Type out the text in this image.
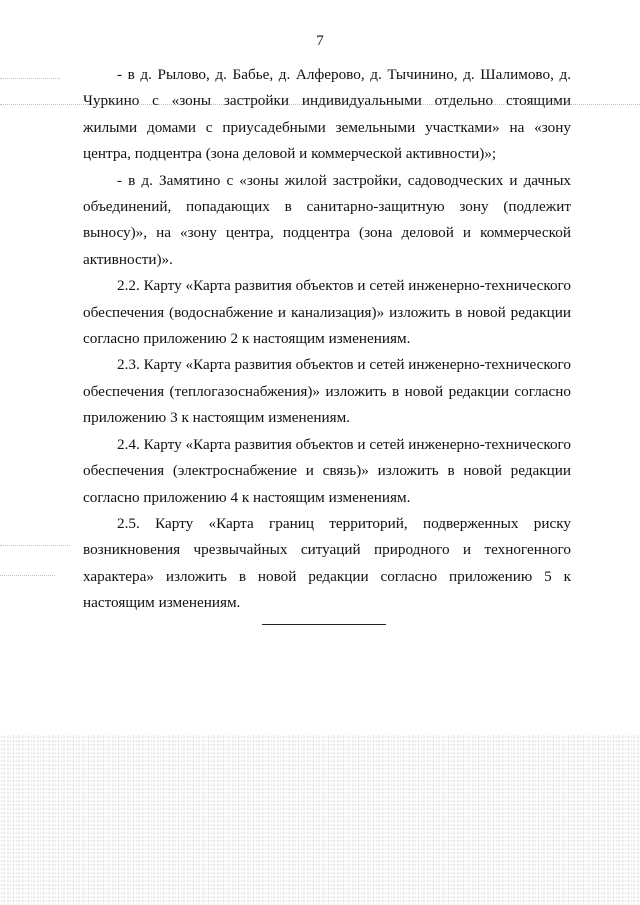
7

- в д. Рылово, д. Бабье, д. Алферово, д. Тычинино, д. Шалимово, д. Чуркино с «зоны застройки индивидуальными отдельно стоящими жилыми домами с приусадебными земельными участками» на «зону центра, подцентра (зона деловой и коммерческой активности)»;

- в д. Замятино с «зоны жилой застройки, садоводческих и дачных объединений, попадающих в санитарно-защитную зону (подлежит выносу)», на «зону центра, подцентра (зона деловой и коммерческой активности)».

2.2. Карту «Карта развития объектов и сетей инженерно-технического обеспечения (водоснабжение и канализация)» изложить в новой редакции согласно приложению 2 к настоящим изменениям.

2.3. Карту «Карта развития объектов и сетей инженерно-технического обеспечения (теплогазоснабжения)» изложить в новой редакции согласно приложению 3 к настоящим изменениям.

2.4. Карту «Карта развития объектов и сетей инженерно-технического обеспечения (электроснабжение и связь)» изложить в новой редакции согласно приложению 4 к настоящим изменениям.

2.5. Карту «Карта границ территорий, подверженных риску возникновения чрезвычайных ситуаций природного и техногенного характера» изложить в новой редакции согласно приложению 5 к настоящим изменениям.
